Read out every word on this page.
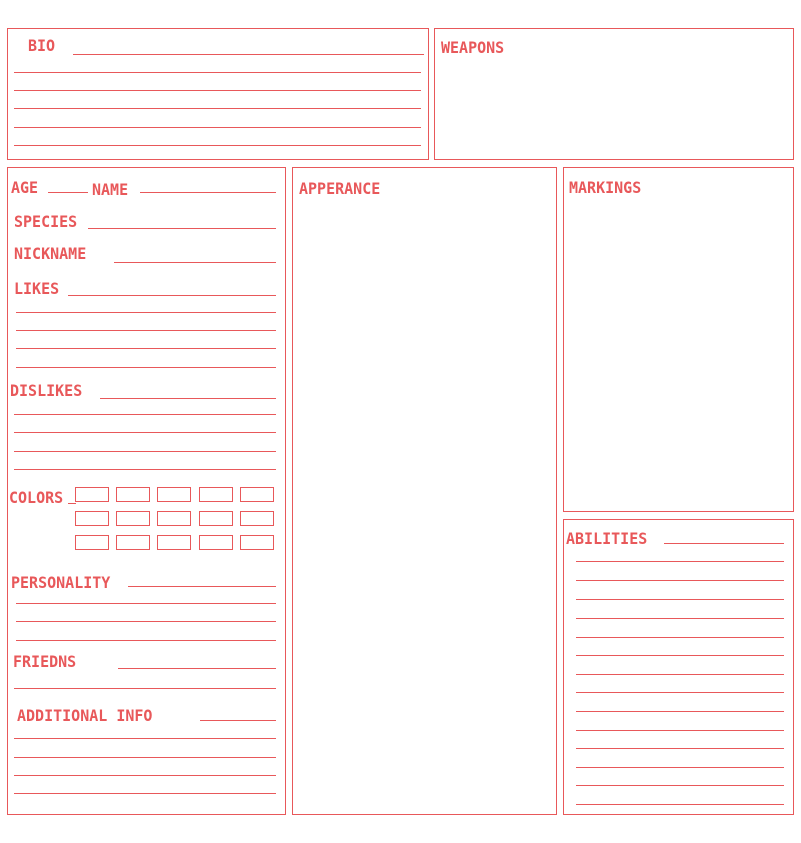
BIO	WEAPONS
AGE	NAME
SPECIES
NICKNAME
LIKES
DISLIKES
COLORS
PERSONALITY
FRIEDNS
ADDITIONAL INFO
APPERANCE	MARKINGS
ABILITIES
